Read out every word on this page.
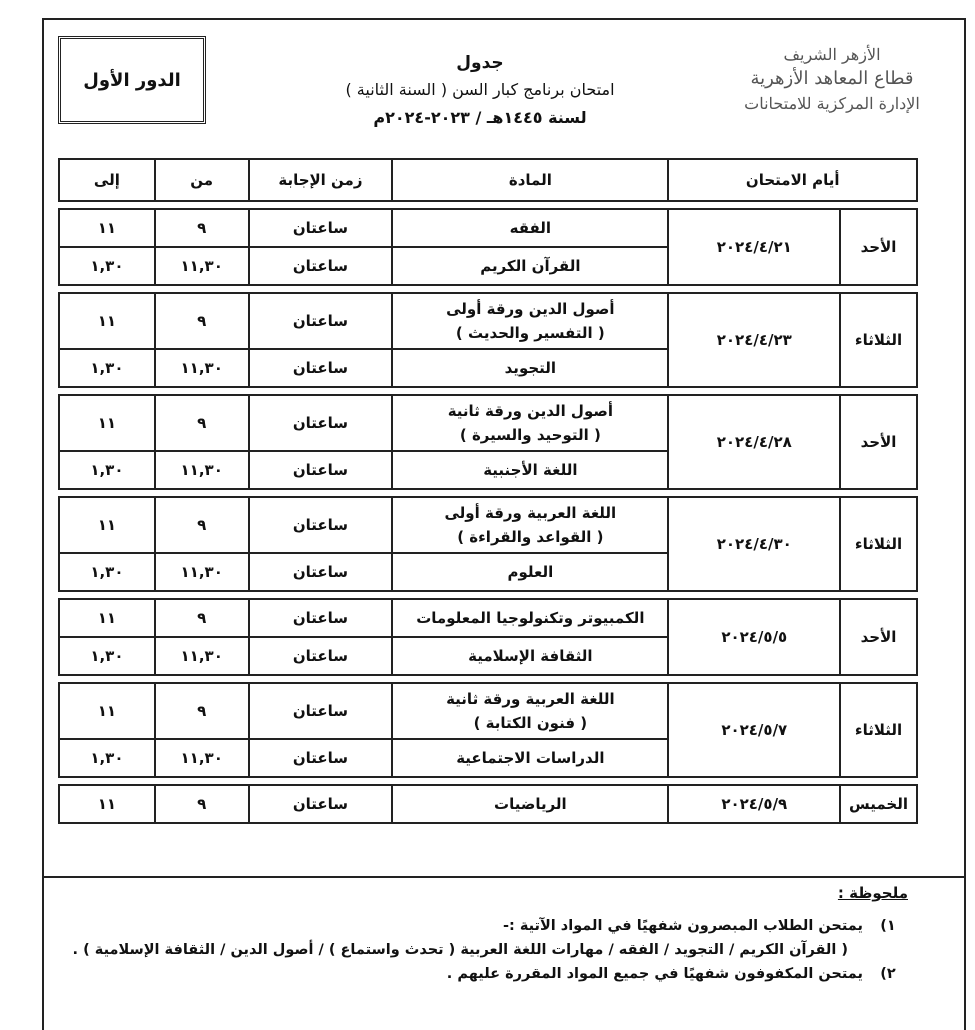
الدور الأول
جدول
امتحان برنامج كبار السن ( السنة الثانية )
لسنة ١٤٤٥هـ / ٢٠٢٣-٢٠٢٤م
الأزهر الشريف
قطاع المعاهد الأزهرية
الإدارة المركزية للامتحانات
أيام الامتحان		المادة	زمن الإجابة	من	إلى

الأحد	٢٠٢٤/٤/٢١	الفقه	ساعتان	٩	١١

		القرآن الكريم	ساعتان	١١,٣٠	١,٣٠

الثلاثاء	٢٠٢٤/٤/٢٣	أصول الدين ورقة أولى
( التفسير والحديث )	ساعتان	٩	١١

		التجويد	ساعتان	١١,٣٠	١,٣٠

الأحد	٢٠٢٤/٤/٢٨	أصول الدين ورقة ثانية
( التوحيد والسيرة )	ساعتان	٩	١١

		اللغة الأجنبية	ساعتان	١١,٣٠	١,٣٠

الثلاثاء	٢٠٢٤/٤/٣٠	اللغة العربية ورقة أولى
( القواعد والقراءة )	ساعتان	٩	١١

		العلوم	ساعتان	١١,٣٠	١,٣٠

الأحد	٢٠٢٤/٥/٥	الكمبيوتر وتكنولوجيا المعلومات	ساعتان	٩	١١

		الثقافة الإسلامية	ساعتان	١١,٣٠	١,٣٠

الثلاثاء	٢٠٢٤/٥/٧	اللغة العربية ورقة ثانية
( فنون الكتابة )	ساعتان	٩	١١

		الدراسات الاجتماعية	ساعتان	١١,٣٠	١,٣٠

الخميس	٢٠٢٤/٥/٩	الرياضيات	ساعتان	٩	١١
ملحوظة :
١) يمتحن الطلاب المبصرون شفهيًا في المواد الآتية :-
( القرآن الكريم / التجويد / الفقه / مهارات اللغة العربية ( تحدث واستماع ) / أصول الدين / الثقافة الإسلامية ) .
٢) يمتحن المكفوفون شفهيًا في جميع المواد المقررة عليهم .
